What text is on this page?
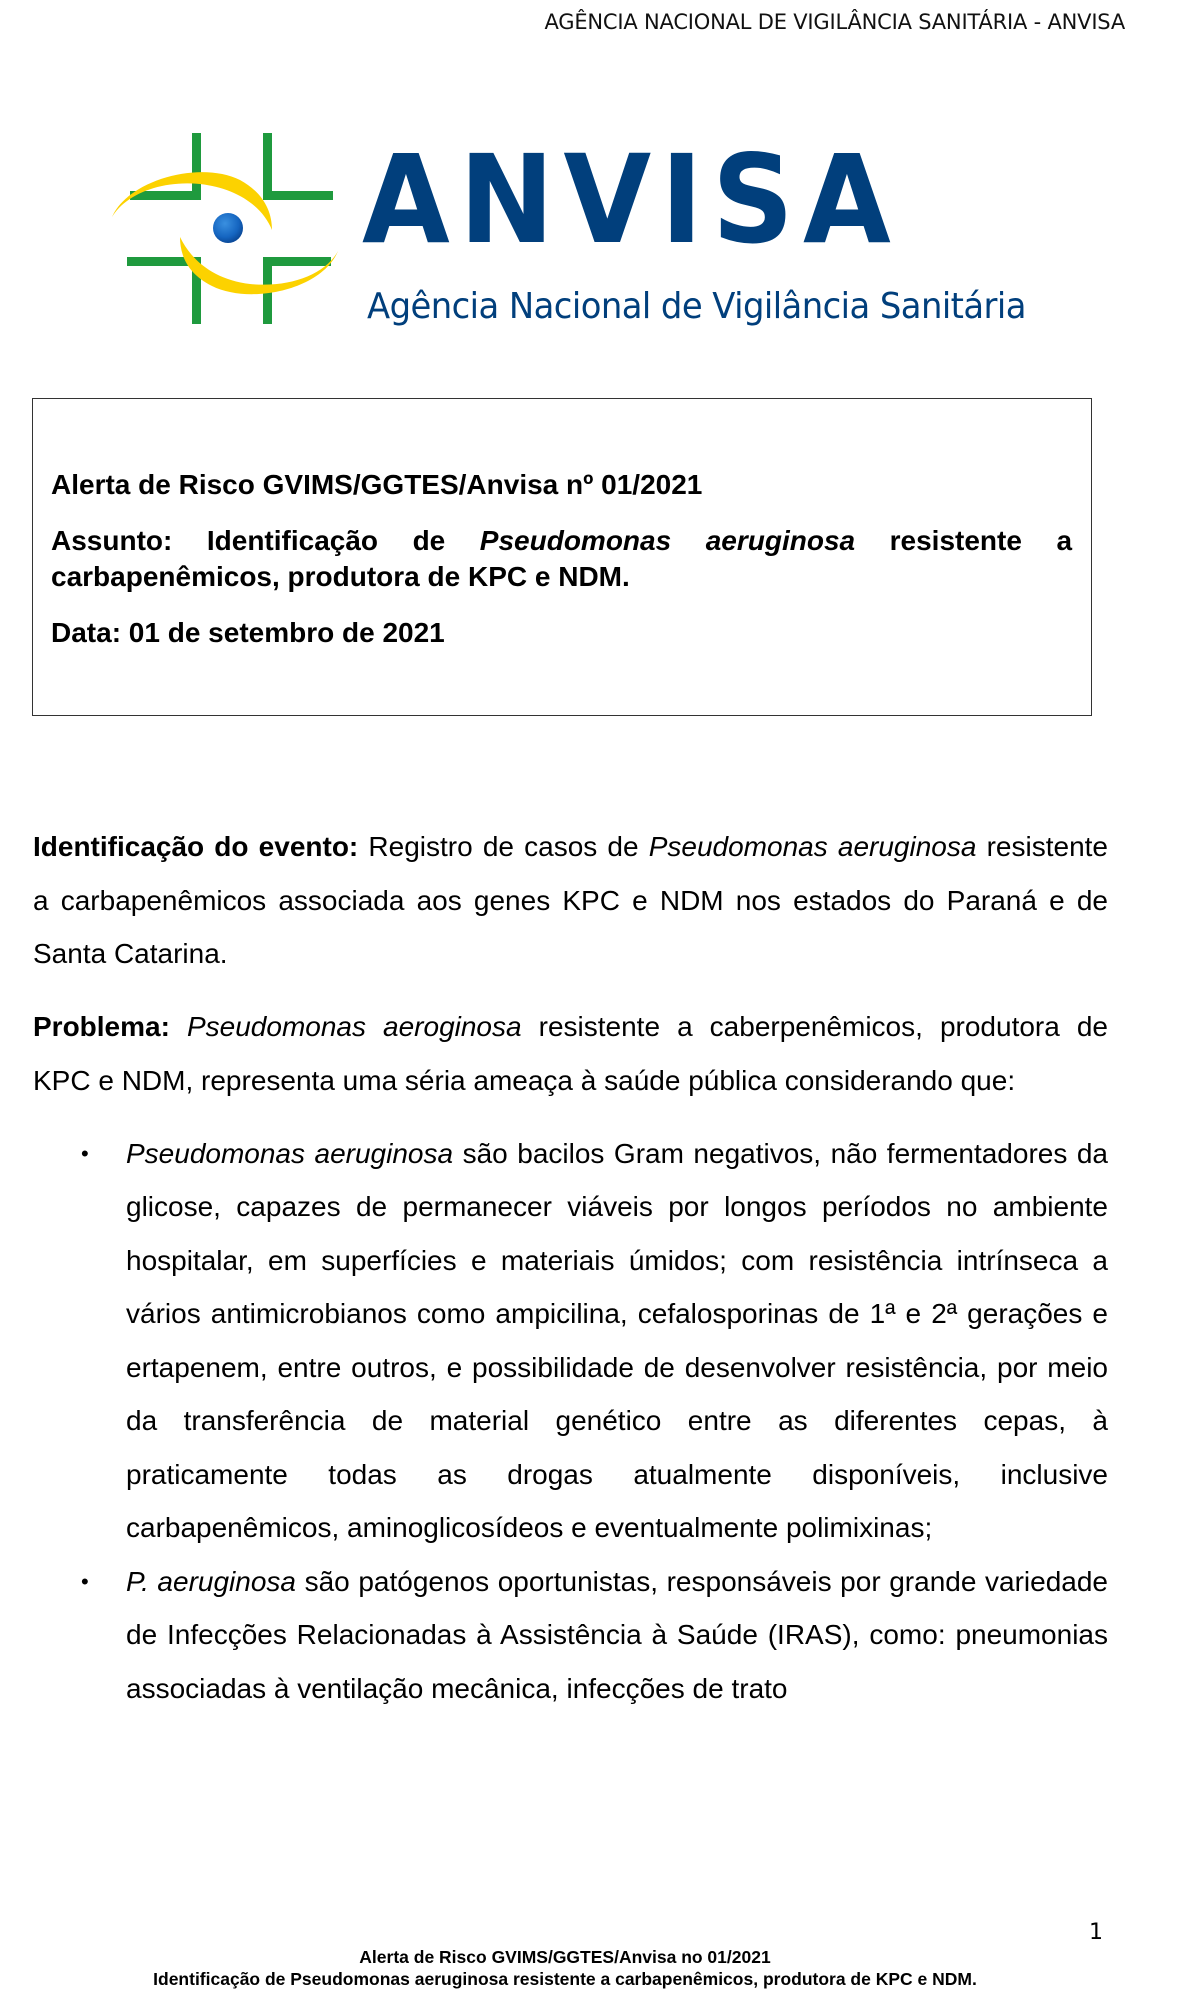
AGÊNCIA NACIONAL DE VIGILÂNCIA SANITÁRIA - ANVISA
ANVISA
Agência Nacional de Vigilância Sanitária

Alerta de Risco GVIMS/GGTES/Anvisa nº 01/2021

Assunto: Identificação de Pseudomonas aeruginosa resistente a carbapenêmicos, produtora de KPC e NDM.

Data: 01 de setembro de 2021

Identificação do evento: Registro de casos de Pseudomonas aeruginosa resistente a carbapenêmicos associada aos genes KPC e NDM nos estados do Paraná e de Santa Catarina.

Problema: Pseudomonas aeroginosa resistente a caberpenêmicos, produtora de KPC e NDM, representa uma séria ameaça à saúde pública considerando que:

• Pseudomonas aeruginosa são bacilos Gram negativos, não fermentadores da glicose, capazes de permanecer viáveis por longos períodos no ambiente hospitalar, em superfícies e materiais úmidos; com resistência intrínseca a vários antimicrobianos como ampicilina, cefalosporinas de 1ª e 2ª gerações e ertapenem, entre outros, e possibilidade de desenvolver resistência, por meio da transferência de material genético entre as diferentes cepas, à praticamente todas as drogas atualmente disponíveis, inclusive carbapenêmicos, aminoglicosídeos e eventualmente polimixinas;
• P. aeruginosa são patógenos oportunistas, responsáveis por grande variedade de Infecções Relacionadas à Assistência à Saúde (IRAS), como: pneumonias associadas à ventilação mecânica, infecções de trato
1
Alerta de Risco GVIMS/GGTES/Anvisa no 01/2021
Identificação de Pseudomonas aeruginosa resistente a carbapenêmicos, produtora de KPC e NDM.
